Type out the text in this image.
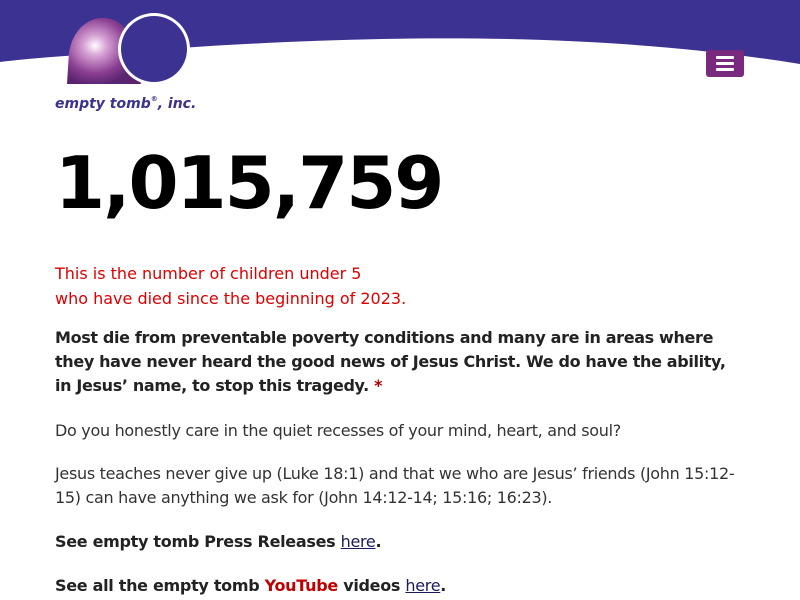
empty tomb®, inc.
1,015,759
This is the number of children under 5
who have died since the beginning of 2023.
Most die from preventable poverty conditions and many are in areas where they have never heard the good news of Jesus Christ. We do have the ability, in Jesus’ name, to stop this tragedy. *
Do you honestly care in the quiet recesses of your mind, heart, and soul?
Jesus teaches never give up (Luke 18:1) and that we who are Jesus’ friends (John 15:12-15) can have anything we ask for (John 14:12-14; 15:16; 16:23).
See empty tomb Press Releases here.
See all the empty tomb YouTube videos here.
